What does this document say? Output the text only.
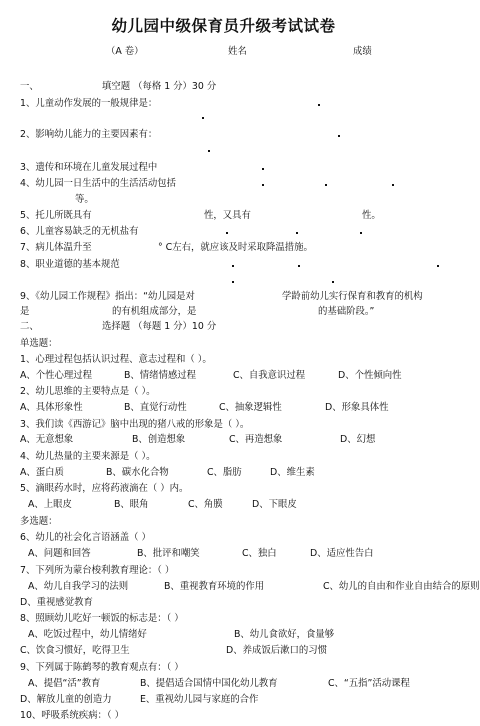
幼儿园中级保育员升级考试试卷
（A 卷）	姓名	成绩
一、	填空题 （每格 1 分）30 分
1、儿童动作发展的一般规律是：
2、影响幼儿能力的主要因素有：
3、遗传和环境在儿童发展过程中
4、幼儿园一日生活中的生活活动包括
等。
5、托儿所既具有	性，又具有	性。
6、儿童容易缺乏的无机盐有
7、病儿体温升至	° C左右，就应该及时采取降温措施。
8、职业道德的基本规范
9、《幼儿园工作规程》指出：“幼儿园是对	学龄前幼儿实行保育和教育的机构
是	的有机组成部分，是	的基础阶段。”
二、	选择题 （每题 1 分）10 分
单选题：
1、心理过程包括认识过程、意志过程和（ ）。
A、个性心理过程	B、情绪情感过程	C、自我意识过程	D、个性倾向性
2、幼儿思维的主要特点是（ ）。
A、具体形象性	B、直觉行动性	C、抽象逻辑性	D、形象具体性
3、我们读《西游记》脑中出现的猪八戒的形象是（ ）。
A、无意想象	B、创造想象	C、再造想象	D、幻想
4、幼儿热量的主要来源是（ ）。
A、蛋白质	B、碳水化合物	C、脂肪	D、维生素
5、滴眼药水时，应将药液滴在（ ）内。
A、上眼皮	B、眼角	C、角膜	D、下眼皮
多选题：
6、幼儿的社会化言语涵盖（ ）
A、问题和回答	B、批评和嘲笑	C、独白	D、适应性告白
7、下列所为蒙台梭利教育理论：（ ）
A、幼儿自我学习的法则	B、重视教育环境的作用	C、幼儿的自由和作业自由结合的原则
D、重视感觉教育
8、照顾幼儿吃好一顿饭的标志是：（ ）
A、吃饭过程中，幼儿情绪好	B、幼儿食欲好，食量够
C、饮食习惯好，吃得卫生	D、养成饭后漱口的习惯
9、下列属于陈鹤琴的教育观点有：（ ）
A、提倡“活”教育	B、提倡适合国情中国化幼儿教育	C、“五指”活动课程
D、解放儿童的创造力	E、重视幼儿园与家庭的合作
10、呼吸系统疾病：（ ）
